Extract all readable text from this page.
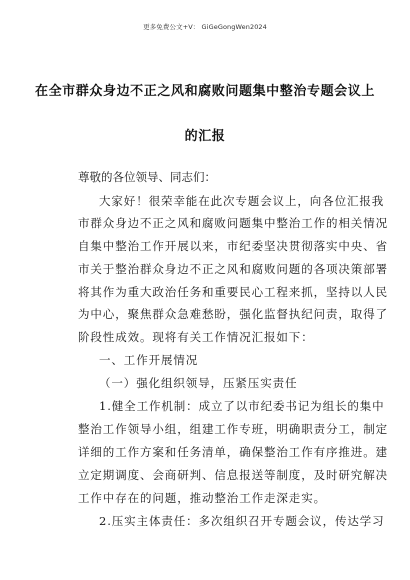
更多免费公文+V： GiGeGongWen2024
在全市群众身边不正之风和腐败问题集中整治专题会议上
的汇报
尊敬的各位领导、同志们：
大家好！很荣幸能在此次专题会议上，向各位汇报我
市群众身边不正之风和腐败问题集中整治工作的相关情况
自集中整治工作开展以来，市纪委坚决贯彻落实中央、省
市关于整治群众身边不正之风和腐败问题的各项决策部署
将其作为重大政治任务和重要民心工程来抓，坚持以人民
为中心，聚焦群众急难愁盼，强化监督执纪问责，取得了
阶段性成效。现将有关工作情况汇报如下：
一、工作开展情况
（一）强化组织领导，压紧压实责任
1.健全工作机制：成立了以市纪委书记为组长的集中
整治工作领导小组，组建工作专班，明确职责分工，制定
详细的工作方案和任务清单，确保整治工作有序推进。建
立定期调度、会商研判、信息报送等制度，及时研究解决
工作中存在的问题，推动整治工作走深走实。
2.压实主体责任：多次组织召开专题会议，传达学习
